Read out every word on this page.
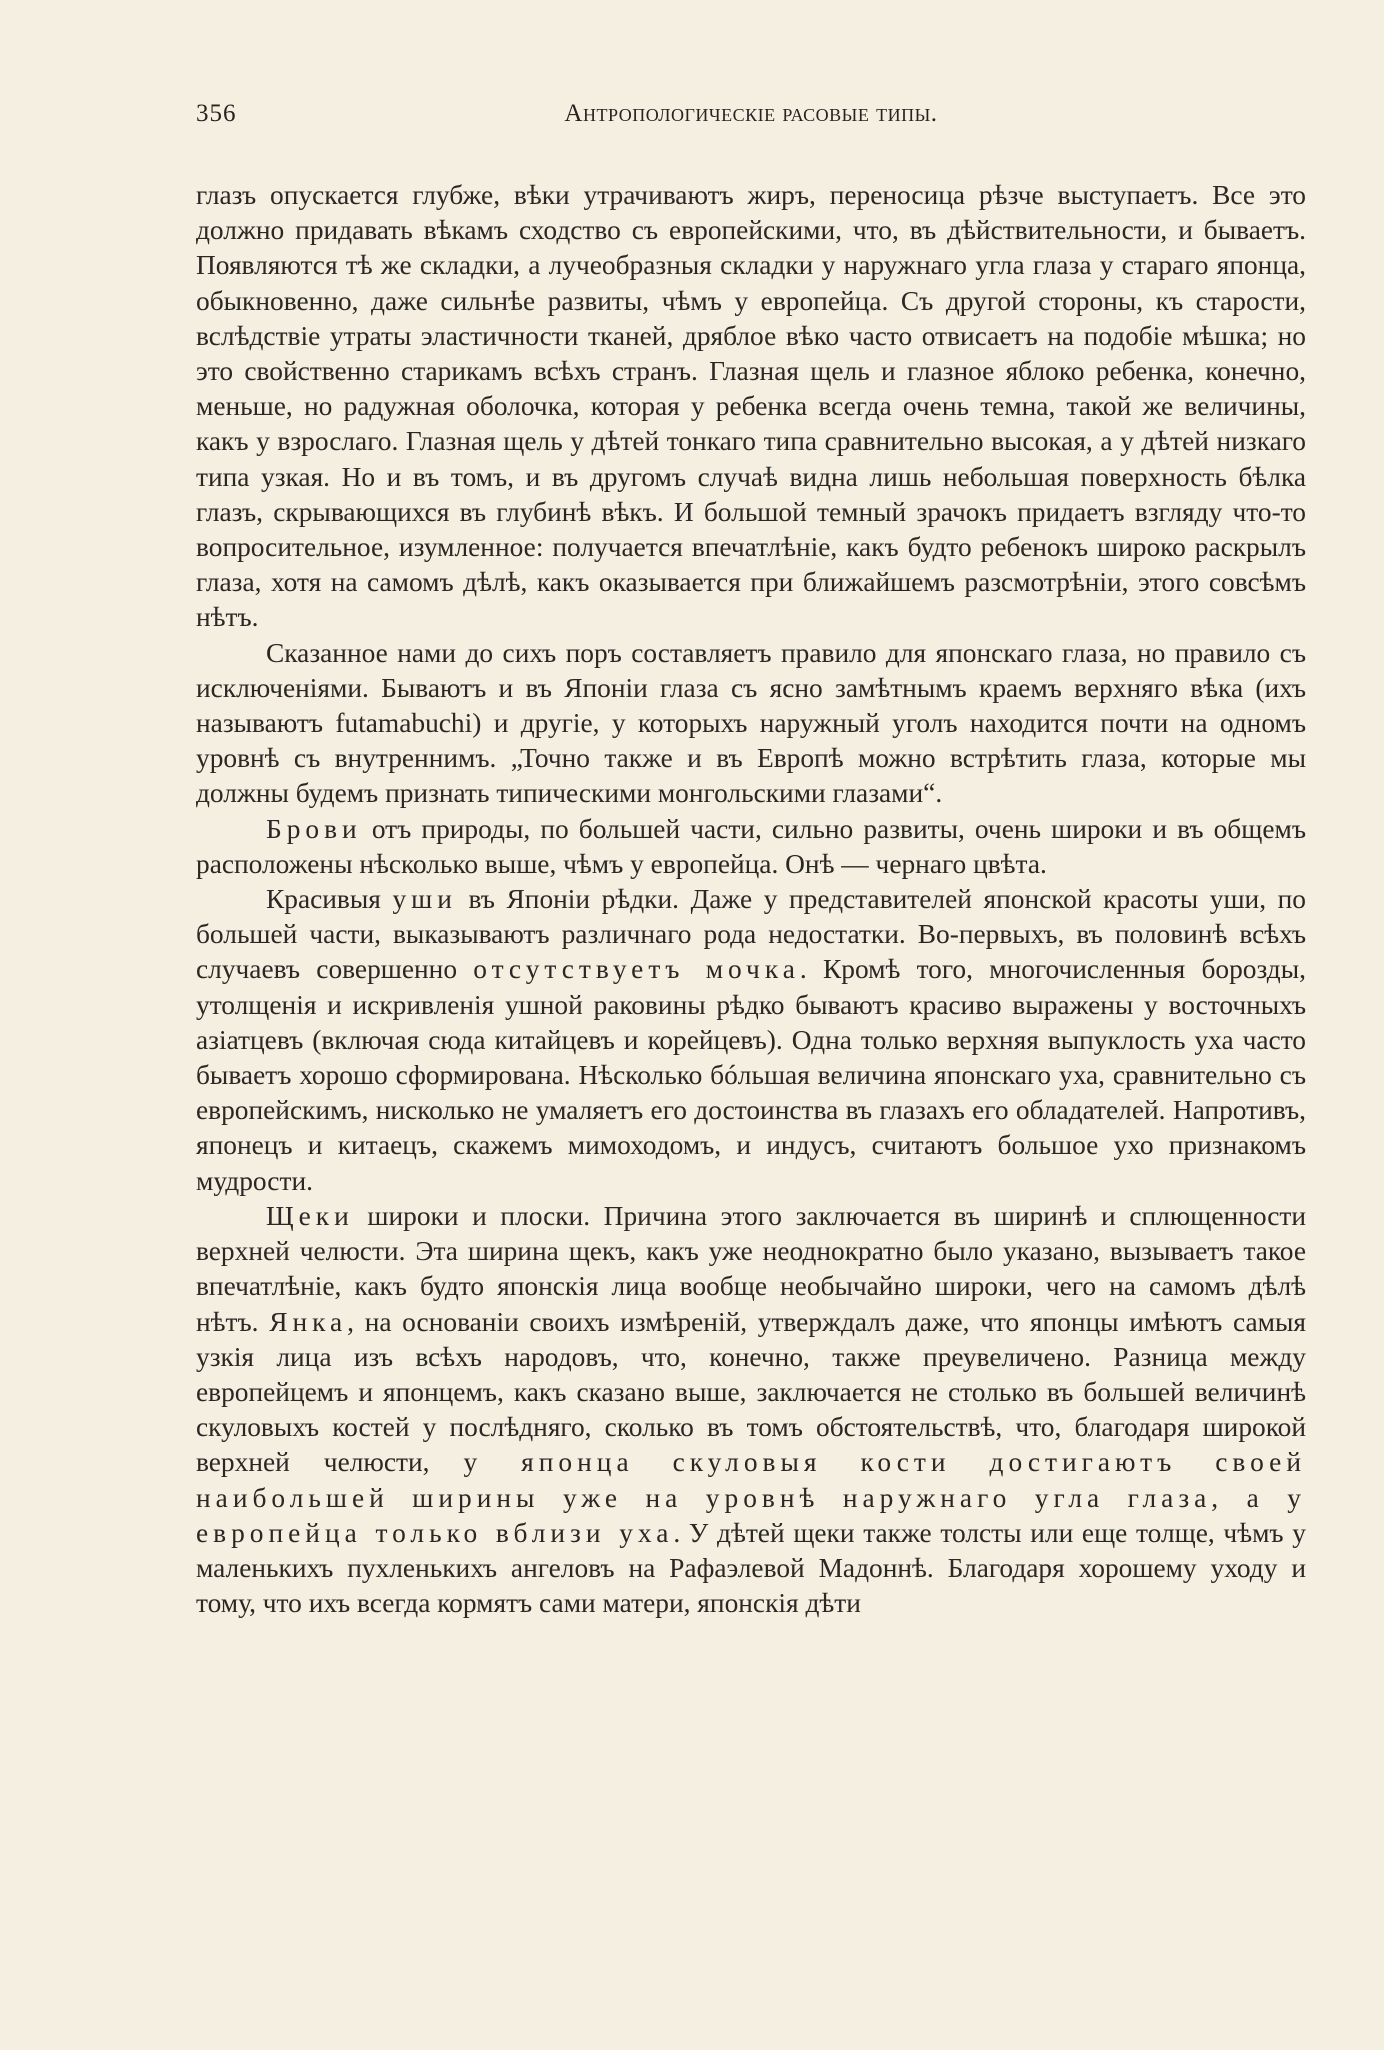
356	Антропологическiе расовые типы.

глазъ опускается глубже, вѣки утрачиваютъ жиръ, переносица рѣзче выступаетъ. Все это должно придавать вѣкамъ сходство съ европейскими, что, въ дѣйствительности, и бываетъ. Появляются тѣ же складки, а лучеобразныя складки у наружнаго угла глаза у стараго японца, обыкновенно, даже сильнѣе развиты, чѣмъ у европейца. Съ другой стороны, къ старости, вслѣдствiе утраты эластичности тканей, дряблое вѣко часто отвисаетъ на подобiе мѣшка; но это свойственно старикамъ всѣхъ странъ. Глазная щель и глазное яблоко ребенка, конечно, меньше, но радужная оболочка, которая у ребенка всегда очень темна, такой же величины, какъ у взрослаго. Глазная щель у дѣтей тонкаго типа сравнительно высокая, а у дѣтей низкаго типа узкая. Но и въ томъ, и въ другомъ случаѣ видна лишь небольшая поверхность бѣлка глазъ, скрывающихся въ глубинѣ вѣкъ. И большой темный зрачокъ придаетъ взгляду что-то вопросительное, изумленное: получается впечатлѣнiе, какъ будто ребенокъ широко раскрылъ глаза, хотя на самомъ дѣлѣ, какъ оказывается при ближайшемъ разсмотрѣнiи, этого совсѣмъ нѣтъ.

Сказанное нами до сихъ поръ составляетъ правило для японскаго глаза, но правило съ исключенiями. Бываютъ и въ Японiи глаза съ ясно замѣтнымъ краемъ верхняго вѣка (ихъ называютъ futamabuchi) и другiе, у которыхъ наружный уголъ находится почти на одномъ уровнѣ съ внутреннимъ. „Точно также и въ Европѣ можно встрѣтить глаза, которые мы должны будемъ признать типическими монгольскими глазами“.

Брови отъ природы, по большей части, сильно развиты, очень широки и въ общемъ расположены нѣсколько выше, чѣмъ у европейца. Онѣ — чернаго цвѣта.

Красивыя уши въ Японiи рѣдки. Даже у представителей японской красоты уши, по большей части, выказываютъ различнаго рода недостатки. Во-первыхъ, въ половинѣ всѣхъ случаевъ совершенно отсутствуетъ мочка. Кромѣ того, многочисленныя борозды, утолщенiя и искривленiя ушной раковины рѣдко бываютъ красиво выражены у восточныхъ азiатцевъ (включая сюда китайцевъ и корейцевъ). Одна только верхняя выпуклость уха часто бываетъ хорошо сформирована. Нѣсколько бóльшая величина японскаго уха, сравнительно съ европейскимъ, нисколько не умаляетъ его достоинства въ глазахъ его обладателей. Напротивъ, японецъ и китаецъ, скажемъ мимоходомъ, и индусъ, считаютъ большое ухо признакомъ мудрости.

Щеки широки и плоски. Причина этого заключается въ ширинѣ и сплющенности верхней челюсти. Эта ширина щекъ, какъ уже неоднократно было указано, вызываетъ такое впечатлѣнiе, какъ будто японскiя лица вообще необычайно широки, чего на самомъ дѣлѣ нѣтъ. Янка, на основанiи своихъ измѣренiй, утверждалъ даже, что японцы имѣютъ самыя узкiя лица изъ всѣхъ народовъ, что, конечно, также преувеличено. Разница между европейцемъ и японцемъ, какъ сказано выше, заключается не столько въ большей величинѣ скуловыхъ костей у послѣдняго, сколько въ томъ обстоятельствѣ, что, благодаря широкой верхней челюсти, у японца скуловыя кости достигаютъ своей наибольшей ширины уже на уровнѣ наружнаго угла глаза, а у европейца только вблизи уха. У дѣтей щеки также толсты или еще толще, чѣмъ у маленькихъ пухленькихъ ангеловъ на Рафаэлевой Мадоннѣ. Благодаря хорошему уходу и тому, что ихъ всегда кормятъ сами матери, японскiя дѣти
